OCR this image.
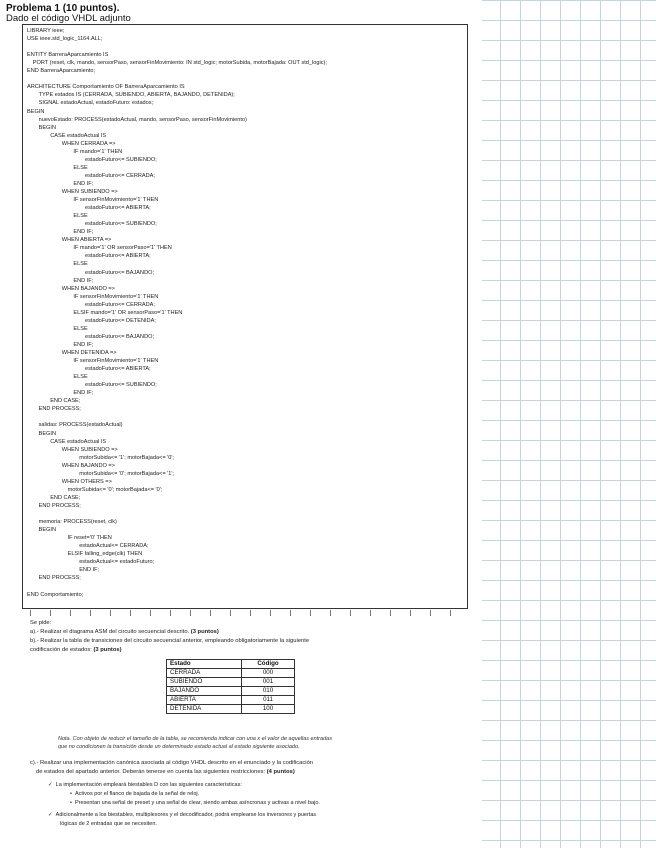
Problema 1 (10 puntos).
Dado el código VHDL adjunto
LIBRARY ieee;
USE ieee.std_logic_1164.ALL;
ENTITY BarreraAparcamiento IS
PORT (reset, clk, mando, sensorPaso, sensorFinMovimiento: IN std_logic; motorSubida, motorBajada: OUT std_logic);
END BarreraAparcamiento;
ARCHITECTURE Comportamiento OF BarreraAparcamiento IS
TYPE estados IS (CERRADA, SUBIENDO, ABIERTA, BAJANDO, DETENIDA);
SIGNAL estadoActual, estadoFuturo: estados;
BEGIN
nuevoEstado: PROCESS(estadoActual, mando, sensorPaso, sensorFinMovimiento)
BEGIN
CASE estadoActual IS
WHEN CERRADA =>
IF mando='1' THEN
estadoFuturo<= SUBIENDO;
ELSE
estadoFuturo<= CERRADA;
END IF;
WHEN SUBIENDO =>
IF sensorFinMovimiento='1' THEN
estadoFuturo<= ABIERTA;
ELSE
estadoFuturo<= SUBIENDO;
END IF;
WHEN ABIERTA =>
IF mando='1' OR sensorPaso='1' THEN
estadoFuturo<= ABIERTA;
ELSE
estadoFuturo<= BAJANDO;
END IF;
WHEN BAJANDO =>
IF sensorFinMovimiento='1' THEN
estadoFuturo<= CERRADA;
ELSIF mando='1' OR sensorPaso='1' THEN
estadoFuturo<= DETENIDA;
ELSE
estadoFuturo<= BAJANDO;
END IF;
WHEN DETENIDA =>
IF sensorFinMovimiento='1' THEN
estadoFuturo<= ABIERTA;
ELSE
estadoFuturo<= SUBIENDO;
END IF;
END CASE;
END PROCESS;
salidas: PROCESS(estadoActual)
BEGIN
CASE estadoActual IS
WHEN SUBIENDO =>
motorSubida<= '1'; motorBajada<= '0';
WHEN BAJANDO =>
motorSubida<= '0'; motorBajada<= '1';
WHEN OTHERS =>
motorSubida<= '0'; motorBajada<= '0';
END CASE;
END PROCESS;
memoria: PROCESS(reset, clk)
BEGIN
IF reset='0' THEN
estadoActual<= CERRADA;
ELSIF falling_edge(clk) THEN
estadoActual<= estadoFuturo;
END IF;
END PROCESS;
END Comportamiento;
Se pide:
a).- Realizar el diagrama ASM del circuito secuencial descrito. (3 puntos)
b).- Realizar la tabla de transiciones del circuito secuencial anterior, empleando obligatoriamente la siguiente
codificación de estados: (3 puntos)
Estado	Código
CERRADA	000
SUBIENDO	001
BAJANDO	010
ABIERTA	011
DETENIDA	100
Nota. Con objeto de reducir el tamaño de la tabla, se recomienda indicar con una x el valor de aquellas entradas
que no condicionen la transición desde un determinado estado actual al estado siguiente asociado.
c).- Realizar una implementación canónica asociada al código VHDL descrito en el enunciado y la codificación
de estados del apartado anterior. Deberán tenerse en cuenta las siguientes restricciones: (4 puntos)
✓ La implementación empleará biestables D con las siguientes características:
• Activos por el flanco de bajada de la señal de reloj.
• Presentan una señal de preset y una señal de clear, siendo ambas asíncronas y activas a nivel bajo.
✓ Adicionalmente a los biestables, multiplexores y el decodificador, podrá emplearse los inversores y puertas
lógicas de 2 entradas que se necesiten.
